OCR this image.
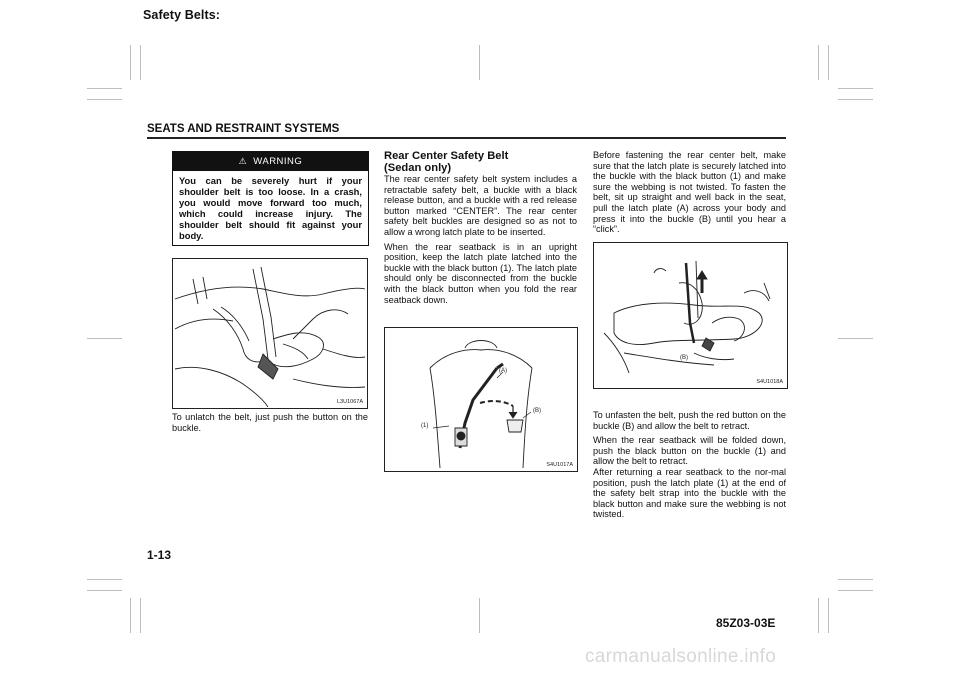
Safety Belts:
SEATS AND RESTRAINT SYSTEMS
⚠ WARNING
You can be severely hurt if your shoulder belt is too loose. In a crash, you would move forward too much, which could increase injury. The shoulder belt should fit against your body.
L3U1067A

To unlatch the belt, just push the button on the buckle.

Rear Center Safety Belt

(Sedan only)

The rear center safety belt system includes a retractable safety belt, a buckle with a black release button, and a buckle with a red release button marked “CENTER”. The rear center safety belt buckles are designed so as not to allow a wrong latch plate to be inserted.

When the rear seatback is in an upright position, keep the latch plate latched into the buckle with the black button (1). The latch plate should only be disconnected from the buckle with the black button when you fold the rear seatback down.

(A)
(B)
(1)
S4U1017A

Before fastening the rear center belt, make sure that the latch plate is securely latched into the buckle with the black button (1) and make sure the webbing is not twisted. To fasten the belt, sit up straight and well back in the seat, pull the latch plate (A) across your body and press it into the buckle (B) until you hear a “click”.

(B)
S4U1018A

To unfasten the belt, push the red button on the buckle (B) and allow the belt to retract.

When the rear seatback will be folded down, push the black button on the buckle (1) and allow the belt to retract.

After returning a rear seatback to the nor-mal position, push the latch plate (1) at the end of the safety belt strap into the buckle with the black button and make sure the webbing is not twisted.

1-13
85Z03-03E
carmanualsonline.info
